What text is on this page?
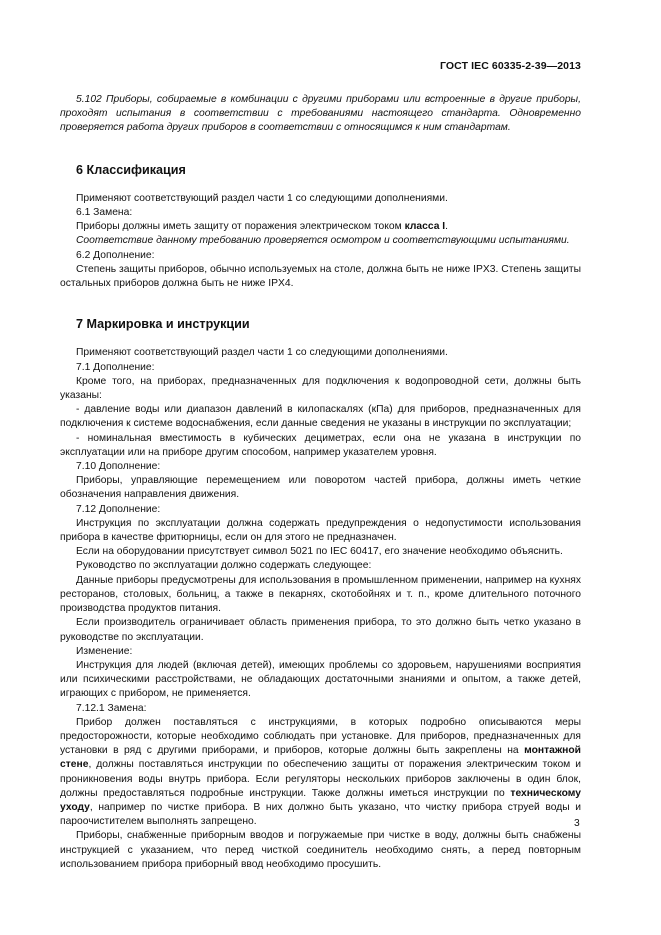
ГОСТ IEC 60335-2-39—2013

5.102 Приборы, собираемые в комбинации с другими приборами или встроенные в другие приборы, проходят испытания в соответствии с требованиями настоящего стандарта. Одновременно проверяется работа других приборов в соответствии с относящимся к ним стандартам.

6 Классификация

Применяют соответствующий раздел части 1 со следующими дополнениями.

6.1 Замена:

Приборы должны иметь защиту от поражения электрическом током класса I.

Соответствие данному требованию проверяется осмотром и соответствующими испытаниями.

6.2 Дополнение:

Степень защиты приборов, обычно используемых на столе, должна быть не ниже IPX3. Степень защиты остальных приборов должна быть не ниже IPX4.

7 Маркировка и инструкции

Применяют соответствующий раздел части 1 со следующими дополнениями.

7.1 Дополнение:

Кроме того, на приборах, предназначенных для подключения к водопроводной сети, должны быть указаны:

- давление воды или диапазон давлений в килопаскалях (кПа) для приборов, предназначенных для подключения к системе водоснабжения, если данные сведения не указаны в инструкции по эксплуатации;

- номинальная вместимость в кубических дециметрах, если она не указана в инструкции по эксплуатации или на приборе другим способом, например указателем уровня.

7.10 Дополнение:

Приборы, управляющие перемещением или поворотом частей прибора, должны иметь четкие обозначения направления движения.

7.12 Дополнение:

Инструкция по эксплуатации должна содержать предупреждения о недопустимости использования прибора в качестве фритюрницы, если он для этого не предназначен.

Если на оборудовании присутствует символ 5021 по IEC 60417, его значение необходимо объяснить.

Руководство по эксплуатации должно содержать следующее:

Данные приборы предусмотрены для использования в промышленном применении, например на кухнях ресторанов, столовых, больниц, а также в пекарнях, скотобойнях и т. п., кроме длительного поточного производства продуктов питания.

Если производитель ограничивает область применения прибора, то это должно быть четко указано в руководстве по эксплуатации.

Изменение:

Инструкция для людей (включая детей), имеющих проблемы со здоровьем, нарушениями восприятия или психическими расстройствами, не обладающих достаточными знаниями и опытом, а также детей, играющих с прибором, не применяется.

7.12.1 Замена:

Прибор должен поставляться с инструкциями, в которых подробно описываются меры предосторожности, которые необходимо соблюдать при установке. Для приборов, предназначенных для установки в ряд с другими приборами, и приборов, которые должны быть закреплены на монтажной стене, должны поставляться инструкции по обеспечению защиты от поражения электрическим током и проникновения воды внутрь прибора. Если регуляторы нескольких приборов заключены в один блок, должны предоставляться подробные инструкции. Также должны иметься инструкции по техническому уходу, например по чистке прибора. В них должно быть указано, что чистку прибора струей воды и пароочистителем выполнять запрещено.

Приборы, снабженные приборным вводов и погружаемые при чистке в воду, должны быть снабжены инструкцией с указанием, что перед чисткой соединитель необходимо снять, а перед повторным использованием прибора приборный ввод необходимо просушить.

3
